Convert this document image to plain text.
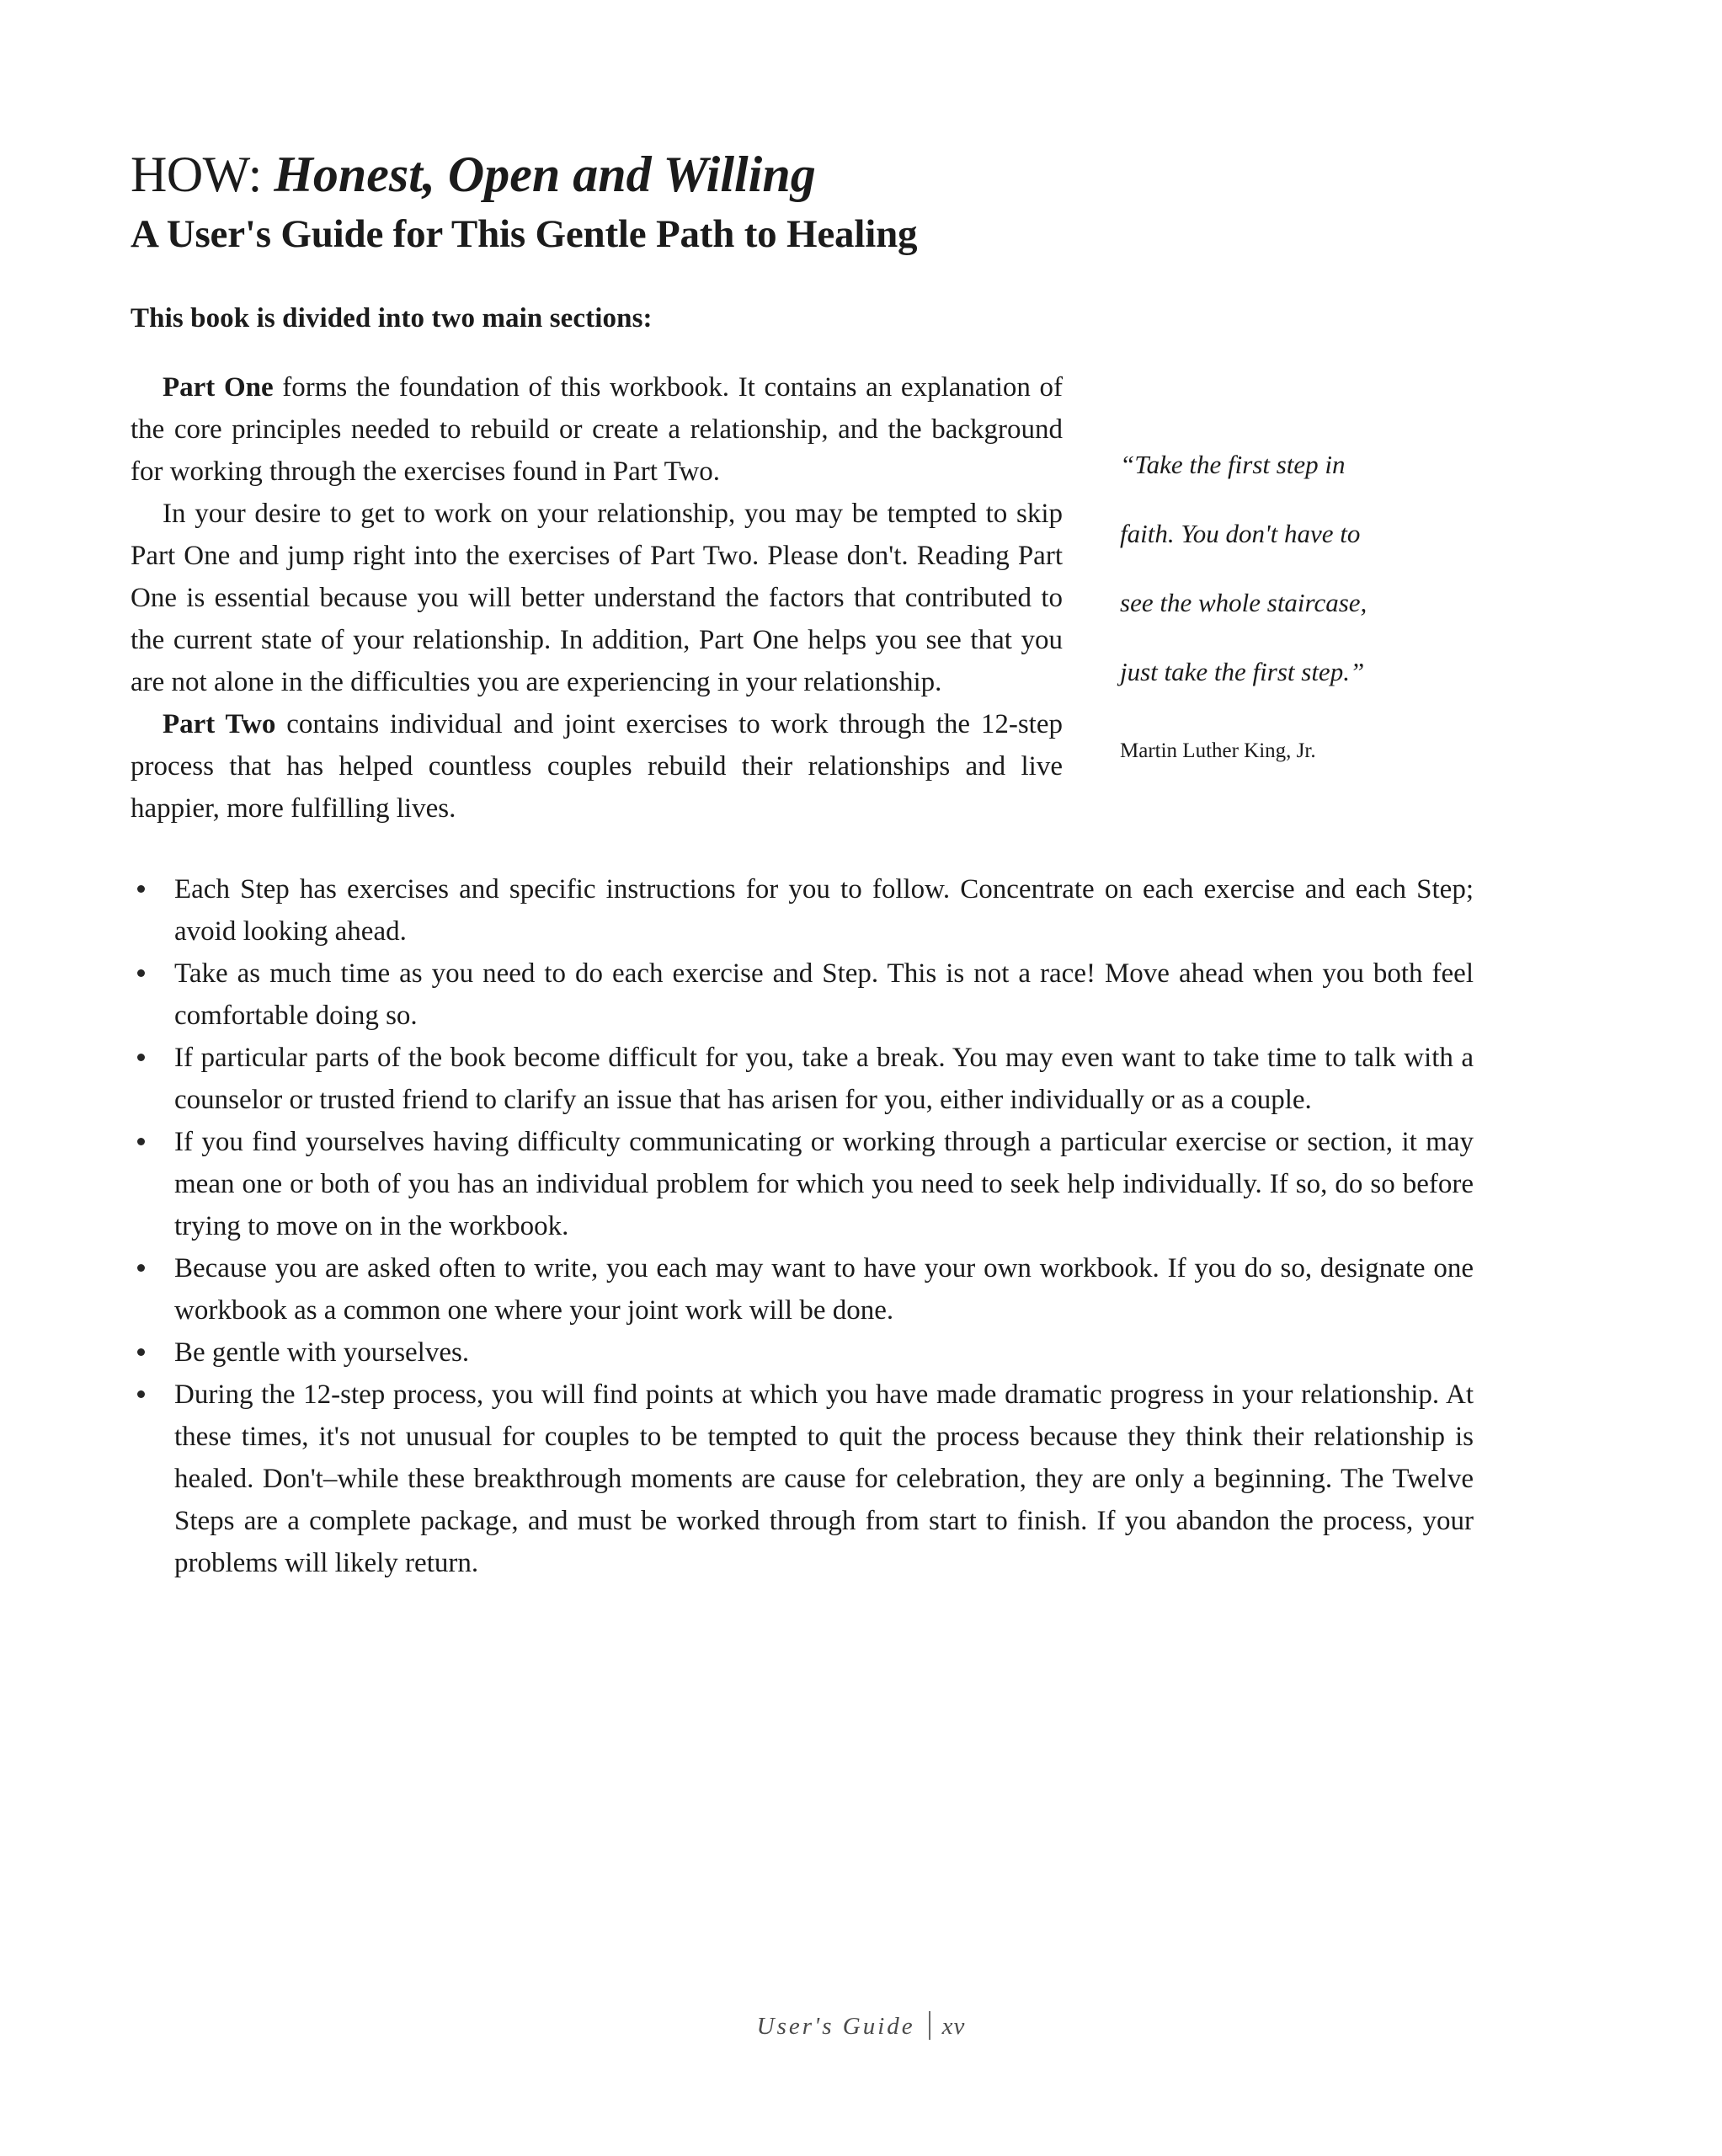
HOW: Honest, Open and Willing
A User's Guide for This Gentle Path to Healing
This book is divided into two main sections:
“Take the first step in
faith. You don't have to
see the whole staircase,
just take the first step.”
Martin Luther King, Jr.

Part One forms the foundation of this workbook. It contains an explanation of the core principles needed to rebuild or create a relationship, and the background for working through the exercises found in Part Two.

In your desire to get to work on your relationship, you may be tempted to skip Part One and jump right into the exercises of Part Two. Please don't. Reading Part One is essential because you will better understand the factors that contributed to the current state of your relationship. In addition, Part One helps you see that you are not alone in the difficulties you are experiencing in your relationship.

Part Two contains individual and joint exercises to work through the 12-step process that has helped countless couples rebuild their relationships and live happier, more fulfilling lives.

Each Step has exercises and specific instructions for you to follow. Concentrate on each exercise and each Step; avoid looking ahead.
Take as much time as you need to do each exercise and Step. This is not a race! Move ahead when you both feel comfortable doing so.
If particular parts of the book become difficult for you, take a break. You may even want to take time to talk with a counselor or trusted friend to clarify an issue that has arisen for you, either individually or as a couple.
If you find yourselves having difficulty communicating or working through a particular exercise or section, it may mean one or both of you has an individual problem for which you need to seek help individually. If so, do so before trying to move on in the workbook.
Because you are asked often to write, you each may want to have your own workbook. If you do so, designate one workbook as a common one where your joint work will be done.
Be gentle with yourselves.
During the 12-step process, you will find points at which you have made dramatic progress in your relationship. At these times, it's not unusual for couples to be tempted to quit the process because they think their relationship is healed. Don't–while these breakthrough moments are cause for celebration, they are only a beginning. The Twelve Steps are a complete package, and must be worked through from start to finish. If you abandon the process, your problems will likely return.
User's Guide xv
